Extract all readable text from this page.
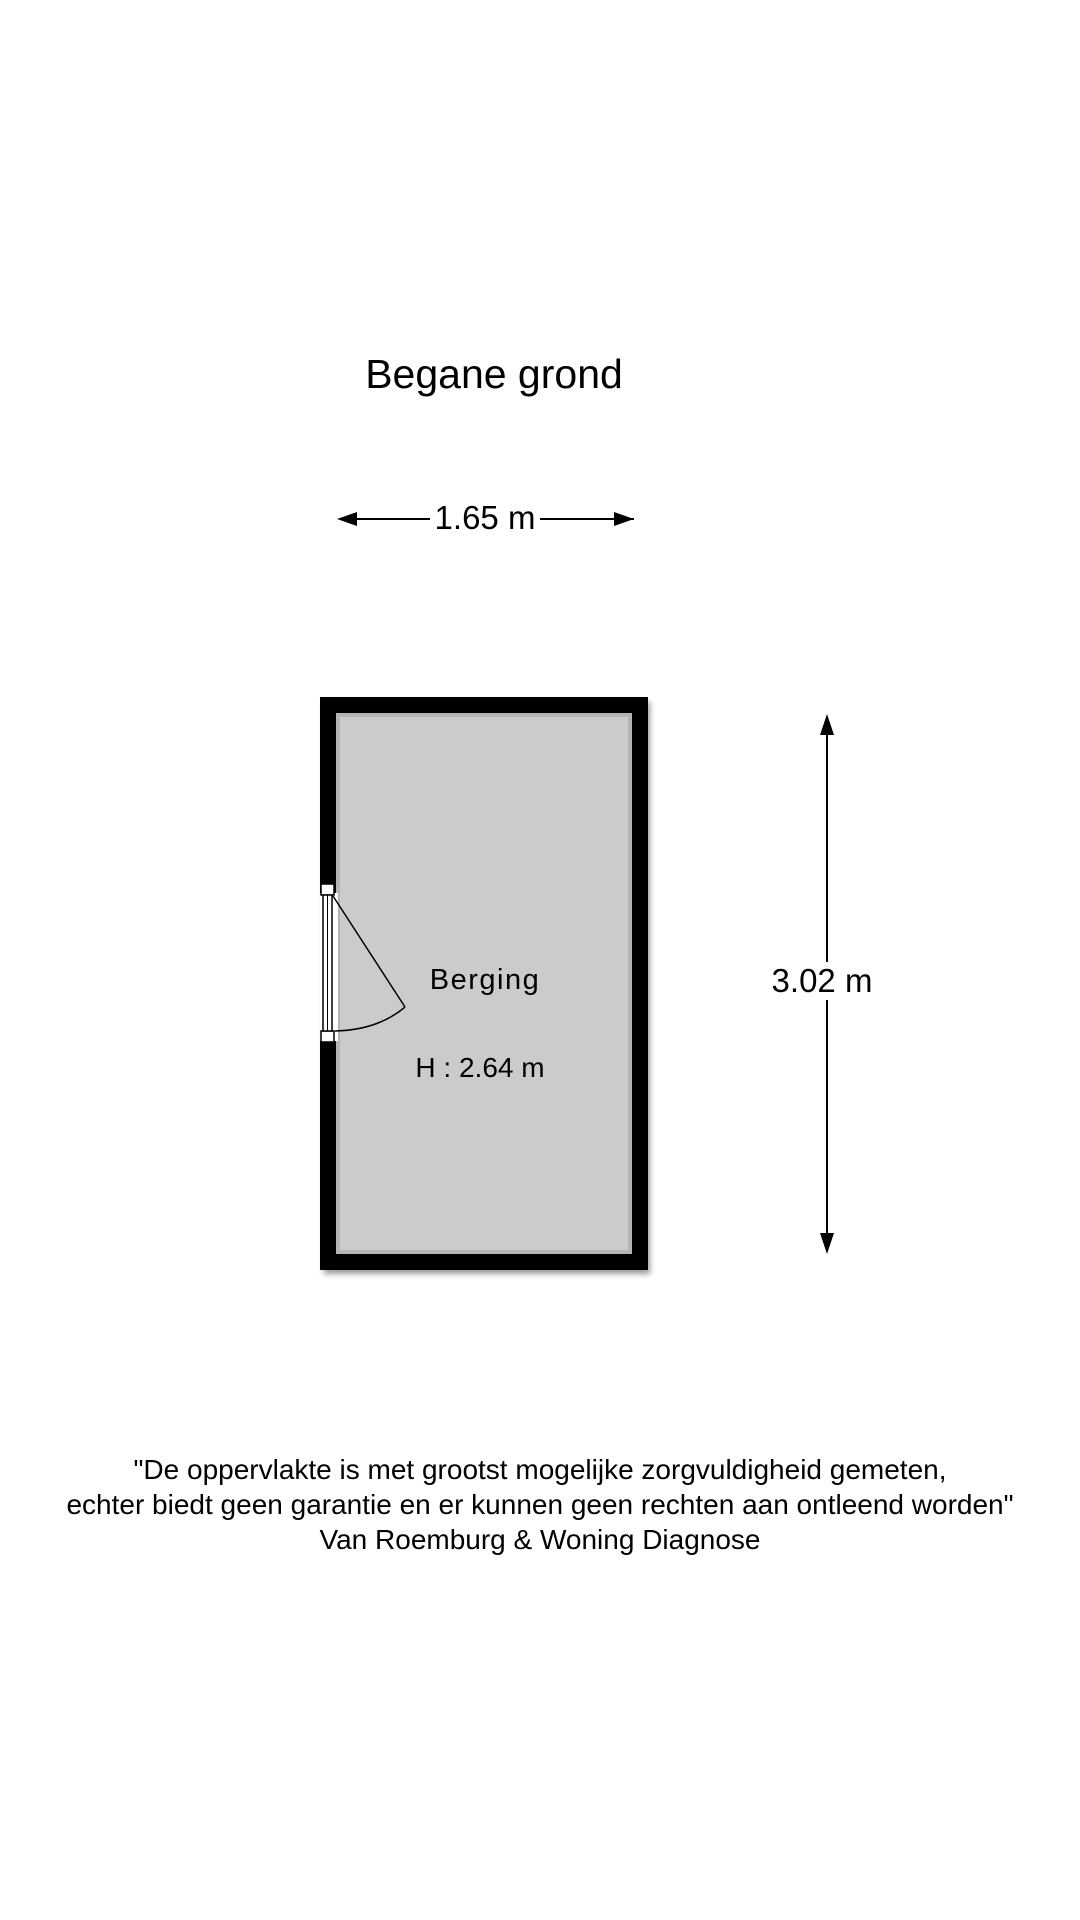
Begane grond
1.65 m
3.02 m
Berging
H : 2.64 m
"De oppervlakte is met grootst mogelijke zorgvuldigheid gemeten,
echter biedt geen garantie en er kunnen geen rechten aan ontleend worden"
Van Roemburg & Woning Diagnose
